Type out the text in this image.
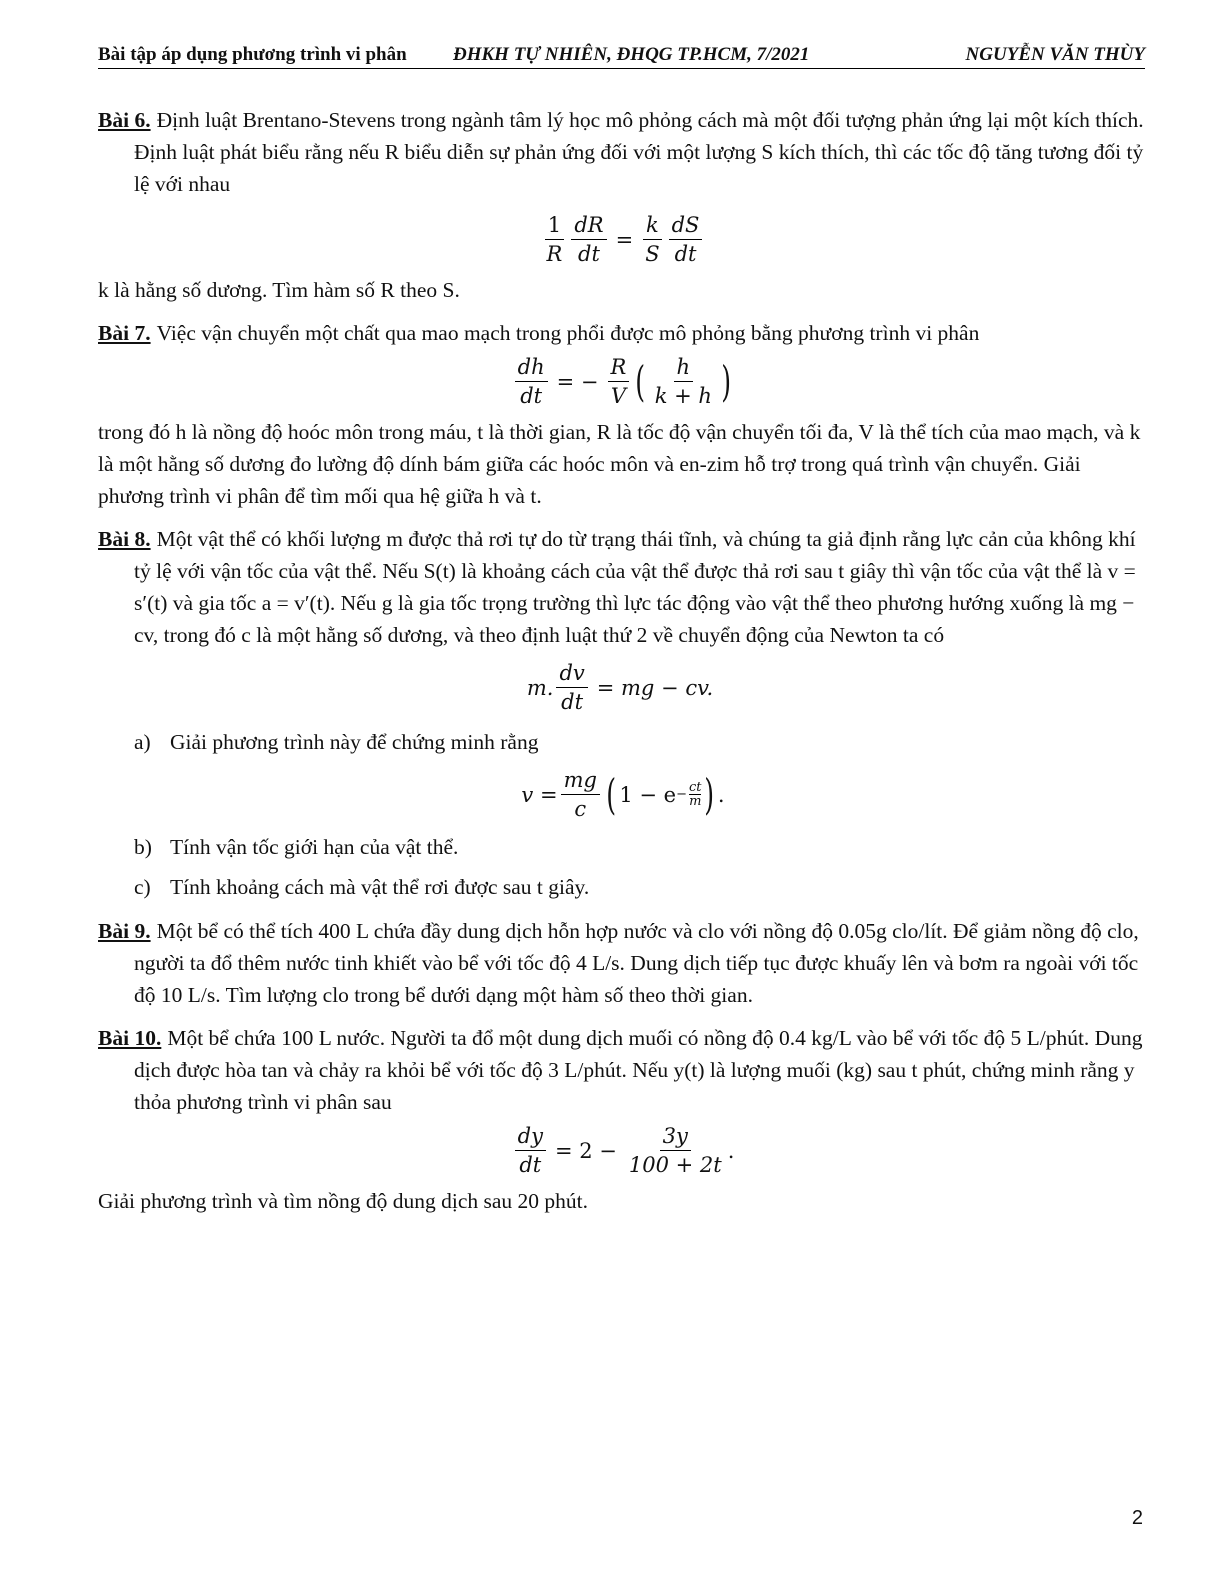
Bài tập áp dụng phương trình vi phân ĐHKH TỰ NHIÊN, ĐHQG TP.HCM, 7/2021	NGUYỄN VĂN THÙY

Bài 6. Định luật Brentano-Stevens trong ngành tâm lý học mô phỏng cách mà một đối tượng phản ứng lại một kích thích. Định luật phát biểu rằng nếu R biểu diễn sự phản ứng đối với một lượng S kích thích, thì các tốc độ tăng tương đối tỷ lệ với nhau

$\frac{1}{R} \frac{dR}{dt} = \frac{k}{S} \frac{dS}{dt}$

k là hằng số dương. Tìm hàm số R theo S.

Bài 7. Việc vận chuyển một chất qua mao mạch trong phổi được mô phỏng bằng phương trình vi phân

$\frac{dh}{dt}$ = − $\frac{R}{V}$ ( $\frac{h}{k + h}$ )

trong đó h là nồng độ hoóc môn trong máu, t là thời gian, R là tốc độ vận chuyển tối đa, V là thể tích của mao mạch, và k là một hằng số dương đo lường độ dính bám giữa các hoóc môn và en-zim hỗ trợ trong quá trình vận chuyển. Giải phương trình vi phân để tìm mối qua hệ giữa h và t.

Bài 8. Một vật thể có khối lượng m được thả rơi tự do từ trạng thái tĩnh, và chúng ta giả định rằng lực cản của không khí tỷ lệ với vận tốc của vật thể. Nếu S(t) là khoảng cách của vật thể được thả rơi sau t giây thì vận tốc của vật thể là v = s′(t) và gia tốc a = v′(t). Nếu g là gia tốc trọng trường thì lực tác động vào vật thể theo phương hướng xuống là mg − cv, trong đó c là một hằng số dương, và theo định luật thứ 2 về chuyển động của Newton ta có

m. $\frac{dv}{dt}$ = mg − cv.

a) Giải phương trình này để chứng minh rằng

$v = \frac{mg}{c}$ ( $1 - e - \frac{ct}{m}$ ) .

b) Tính vận tốc giới hạn của vật thể.

c) Tính khoảng cách mà vật thể rơi được sau t giây.

Bài 9. Một bể có thể tích 400 L chứa đầy dung dịch hỗn hợp nước và clo với nồng độ 0.05g clo/lít. Để giảm nồng độ clo, người ta đổ thêm nước tinh khiết vào bể với tốc độ 4 L/s. Dung dịch tiếp tục được khuấy lên và bơm ra ngoài với tốc độ 10 L/s. Tìm lượng clo trong bể dưới dạng một hàm số theo thời gian.

Bài 10. Một bể chứa 100 L nước. Người ta đổ một dung dịch muối có nồng độ 0.4 kg/L vào bể với tốc độ 5 L/phút. Dung dịch được hòa tan và chảy ra khỏi bể với tốc độ 3 L/phút. Nếu y(t) là lượng muối (kg) sau t phút, chứng minh rằng y thỏa phương trình vi phân sau

$\frac{dy}{dt} = 2 - \frac{3y}{100 + 2t}$ .

Giải phương trình và tìm nồng độ dung dịch sau 20 phút.

2
